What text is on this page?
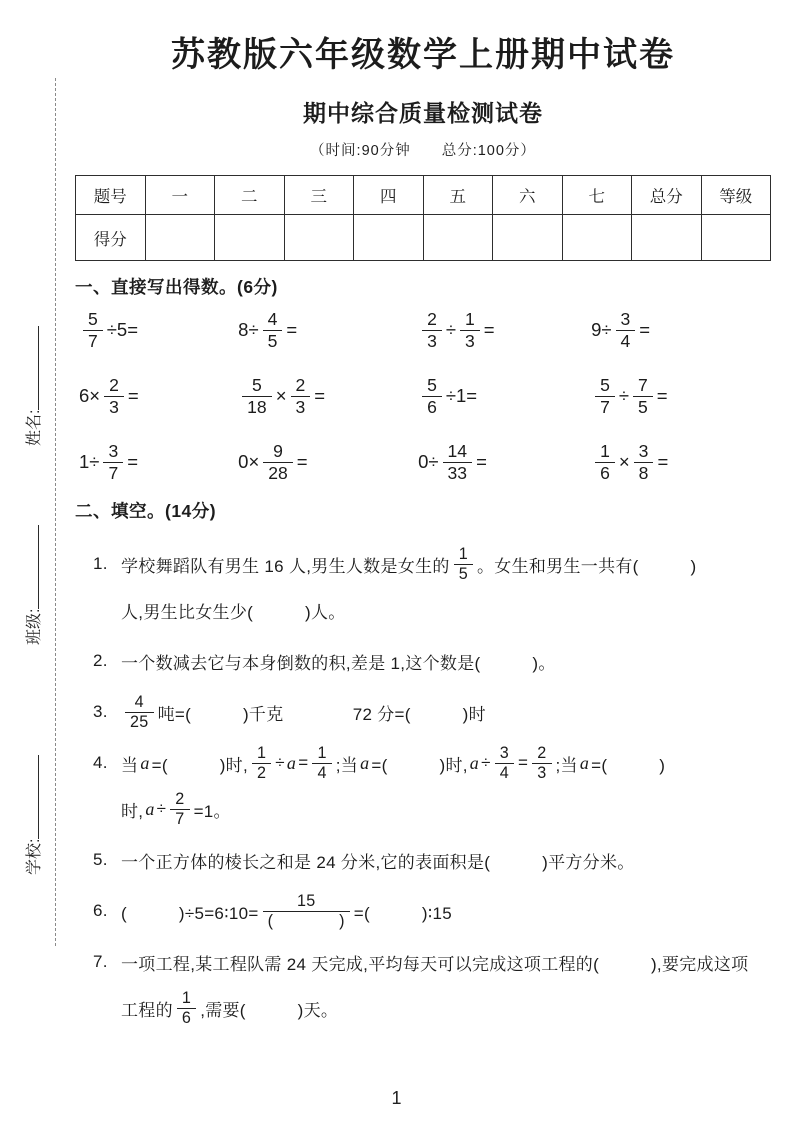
姓名:
班级:
学校:
苏教版六年级数学上册期中试卷
期中综合质量检测试卷
（时间:90分钟　　总分:100分）
题号	一	二	三	四	五	六	七	总分	等级
得分									
一、直接写出得数。(6分)
$\frac{5}{7} \div 5=$	$8\div \frac{4}{5}$ =	$\frac{2}{3} \div \frac{1}{3}$ =	$9\div \frac{3}{4}$ =
$6\times \frac{2}{3}$ =	$\frac{5}{18} \times \frac{2}{3}$ =	$\frac{5}{6} \div 1=$	$\frac{5}{7} \div \frac{7}{5}$ =
$1\div \frac{3}{7}$ =	$0\times \frac{9}{28}$ =	$0\div \frac{14}{33}$ =	$\frac{1}{6} \times \frac{3}{8}$ =
二、填空。(14分)
1. 学校舞蹈队有男生 16 人,男生人数是女生的 $\frac{1}{5}$ 。女生和男生一共有(　　　)
人,男生比女生少(　　　)人。
2. 一个数减去它与本身倒数的积,差是 1,这个数是(　　　)。
3.	$\frac{4}{25}$ 吨=(　　　)千克　　　　72 分=(　　　)时
4. 当 a =(　　　)时, $\frac{1}{2} \div a = \frac{1}{4}$ ;当 a =(　　　)时, $a \div \frac{3}{4} = \frac{2}{3}$ ;当 a =(　　　)
时, $a \div \frac{2}{7} =1$。
5. 一个正方体的棱长之和是 24 分米,它的表面积是(　　　)平方分米。
6. (　　　)÷5=6∶10= $\frac{15}{( )}$ =(　　　)∶15
7. 一项工程,某工程队需 24 天完成,平均每天可以完成这项工程的(　　　),要完成这项
工程的 $\frac{1}{6}$ ,需要(　　　)天。
1
